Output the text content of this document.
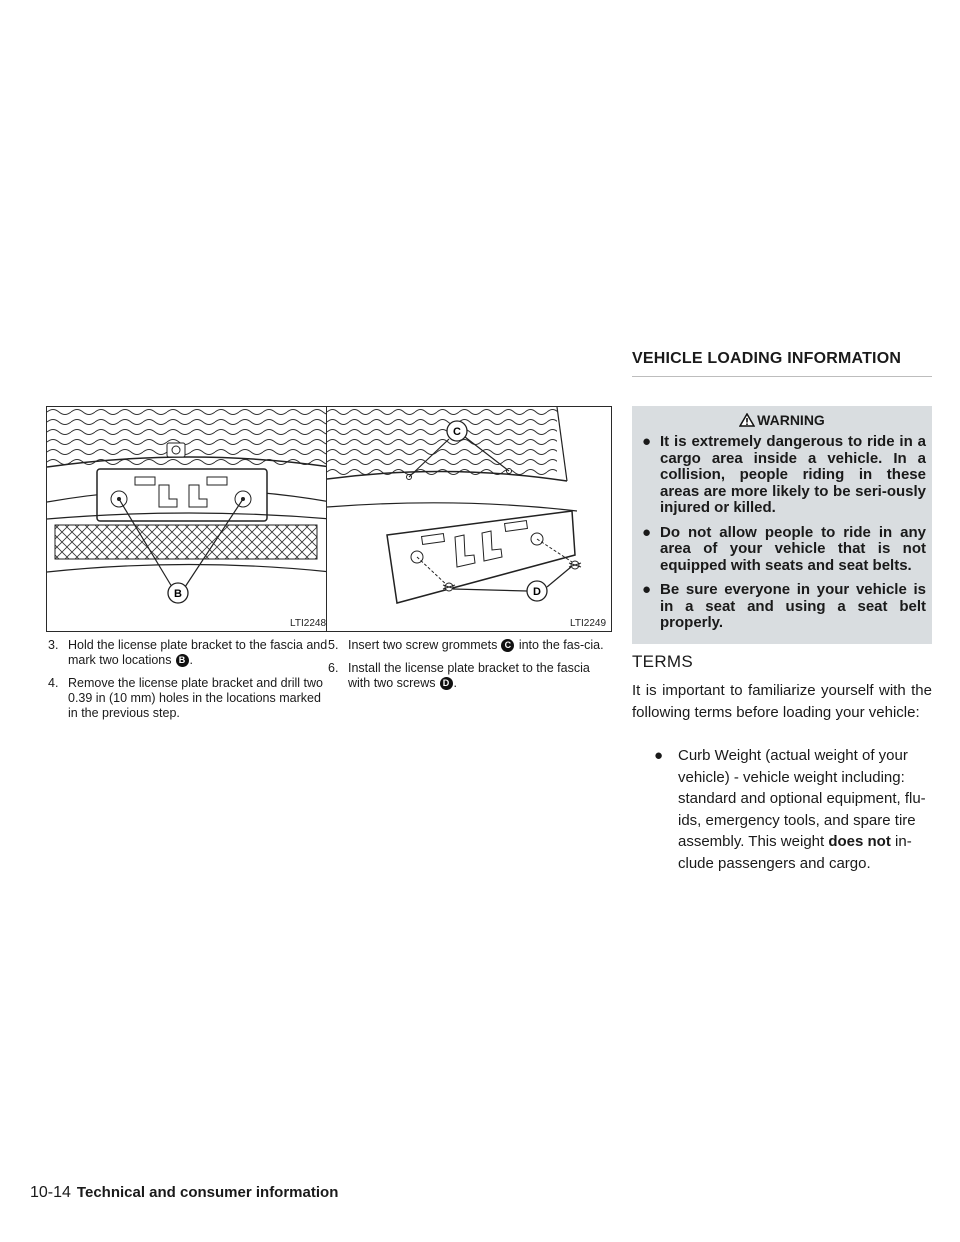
VEHICLE LOADING INFORMATION
B
LTI2248
C
D
LTI2249
3. Hold the license plate bracket to the fascia and mark two locations B .
4. Remove the license plate bracket and drill two 0.39 in (10 mm) holes in the locations marked in the previous step.
5. Insert two screw grommets C into the fas-cia.
6. Install the license plate bracket to the fascia with two screws D .
WARNING
● It is extremely dangerous to ride in a cargo area inside a vehicle. In a collision, people riding in these areas are more likely to be seri-ously injured or killed.
● Do not allow people to ride in any area of your vehicle that is not equipped with seats and seat belts.
● Be sure everyone in your vehicle is in a seat and using a seat belt properly.
TERMS
It is important to familiarize yourself with the following terms before loading your vehicle:
● Curb Weight (actual weight of your vehicle) - vehicle weight including: standard and optional equipment, flu-ids, emergency tools, and spare tire assembly. This weight does not in-clude passengers and cargo.
10-14 Technical and consumer information
